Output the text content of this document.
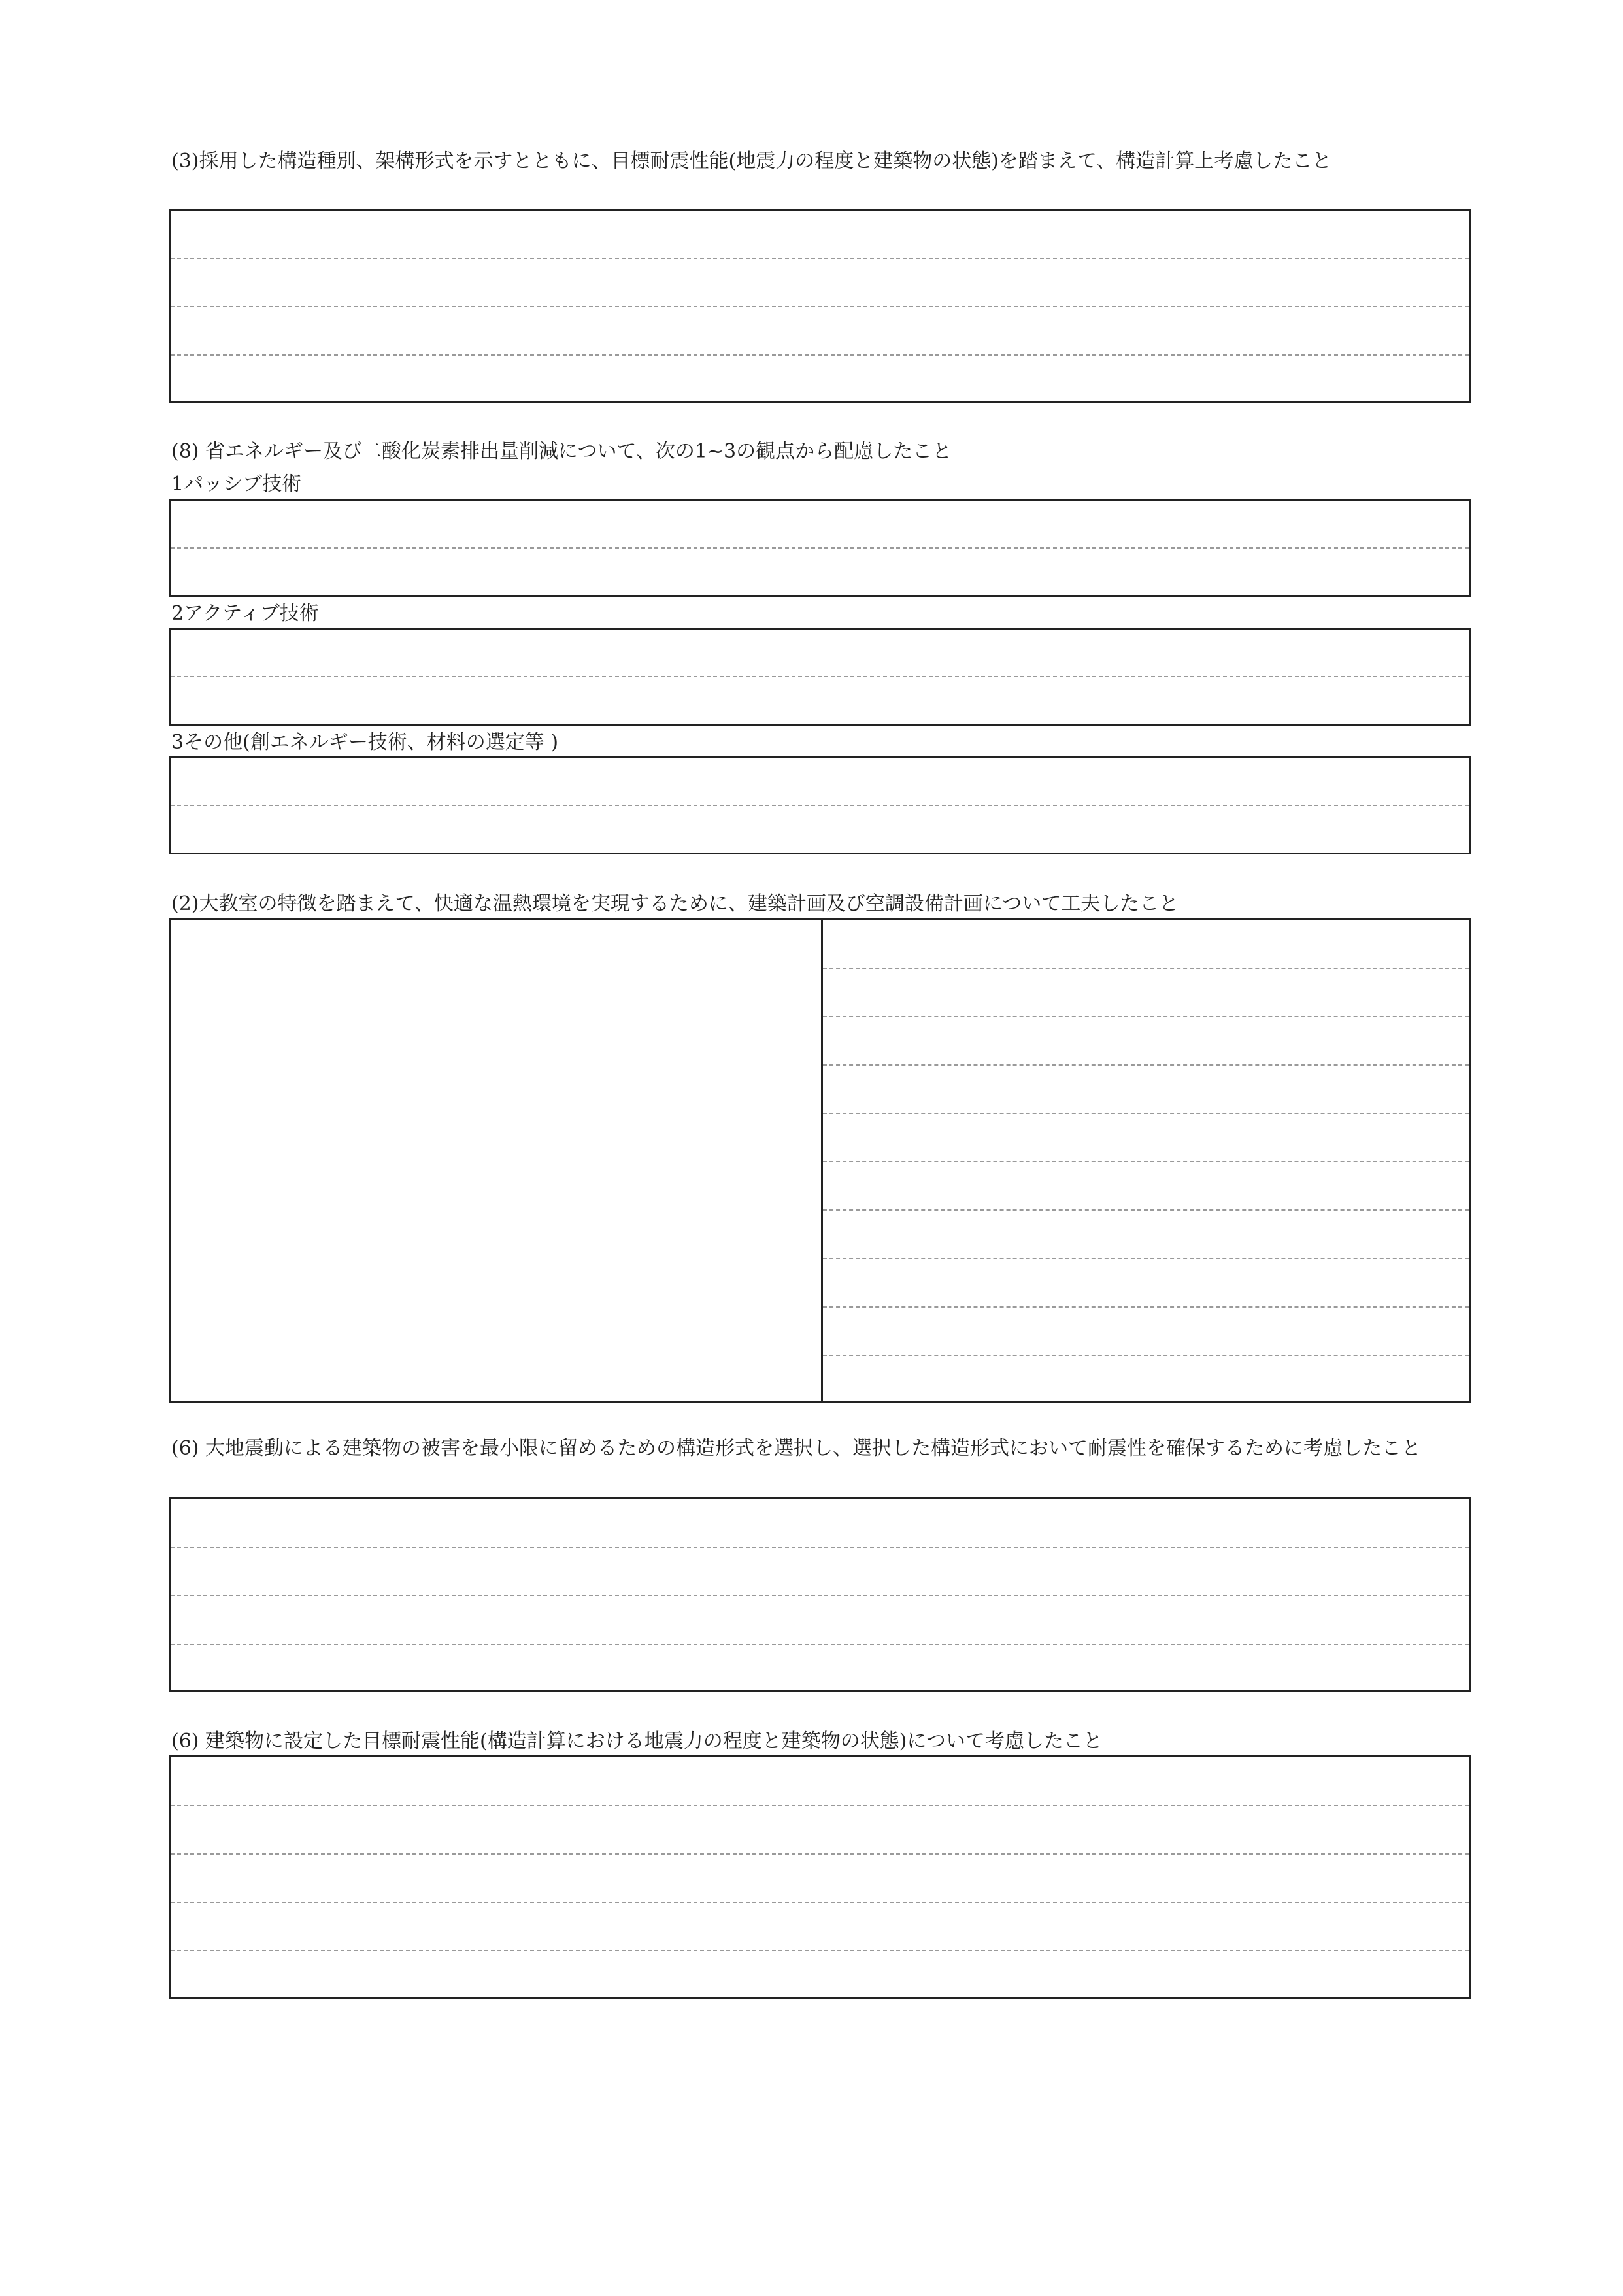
(3)採用した構造種別、架構形式を示すとともに、目標耐震性能(地震力の程度と建築物の状態)を踏まえて、構造計算上考慮したこと
(8) 省エネルギー及び二酸化炭素排出量削減について、次の1~3の観点から配慮したこと
1パッシブ技術
2アクティブ技術
3その他(創エネルギー技術、材料の選定等 )
(2)大教室の特徴を踏まえて、快適な温熱環境を実現するために、建築計画及び空調設備計画について工夫したこと
(6) 大地震動による建築物の被害を最小限に留めるための構造形式を選択し、選択した構造形式において耐震性を確保するために考慮したこと
(6) 建築物に設定した目標耐震性能(構造計算における地震力の程度と建築物の状態)について考慮したこと
